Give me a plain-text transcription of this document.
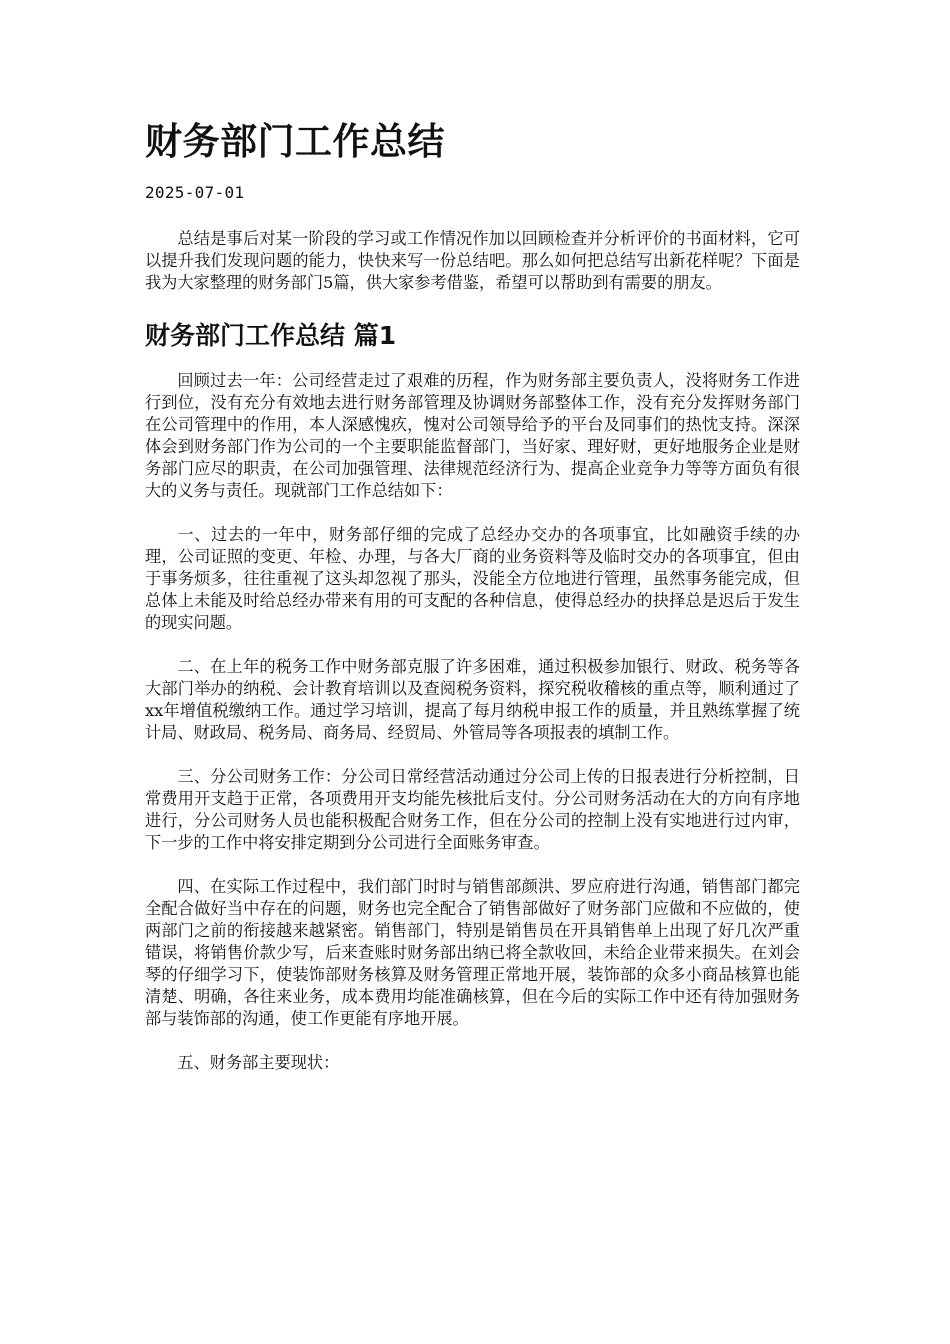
财务部门工作总结
2025-07-01

总结是事后对某一阶段的学习或工作情况作加以回顾检查并分析评价的书面材料，它可以提升我们发现问题的能力，快快来写一份总结吧。那么如何把总结写出新花样呢？下面是我为大家整理的财务部门5篇，供大家参考借鉴，希望可以帮助到有需要的朋友。

财务部门工作总结 篇1

回顾过去一年：公司经营走过了艰难的历程，作为财务部主要负责人，没将财务工作进行到位，没有充分有效地去进行财务部管理及协调财务部整体工作，没有充分发挥财务部门在公司管理中的作用，本人深感愧疚，愧对公司领导给予的平台及同事们的热忱支持。深深体会到财务部门作为公司的一个主要职能监督部门，当好家、理好财，更好地服务企业是财务部门应尽的职责，在公司加强管理、法律规范经济行为、提高企业竞争力等等方面负有很大的义务与责任。现就部门工作总结如下：

一、过去的一年中，财务部仔细的完成了总经办交办的各项事宜，比如融资手续的办理，公司证照的变更、年检、办理，与各大厂商的业务资料等及临时交办的各项事宜，但由于事务烦多，往往重视了这头却忽视了那头，没能全方位地进行管理，虽然事务能完成，但总体上未能及时给总经办带来有用的可支配的各种信息，使得总经办的抉择总是迟后于发生的现实问题。

二、在上年的税务工作中财务部克服了许多困难，通过积极参加银行、财政、税务等各大部门举办的纳税、会计教育培训以及查阅税务资料，探究税收稽核的重点等，顺利通过了xx年增值税缴纳工作。通过学习培训，提高了每月纳税申报工作的质量，并且熟练掌握了统计局、财政局、税务局、商务局、经贸局、外管局等各项报表的填制工作。

三、分公司财务工作：分公司日常经营活动通过分公司上传的日报表进行分析控制，日常费用开支趋于正常，各项费用开支均能先核批后支付。分公司财务活动在大的方向有序地进行，分公司财务人员也能积极配合财务工作，但在分公司的控制上没有实地进行过内审，下一步的工作中将安排定期到分公司进行全面账务审查。

四、在实际工作过程中，我们部门时时与销售部颜洪、罗应府进行沟通，销售部门都完全配合做好当中存在的问题，财务也完全配合了销售部做好了财务部门应做和不应做的，使两部门之前的衔接越来越紧密。销售部门，特别是销售员在开具销售单上出现了好几次严重错误，将销售价款少写，后来查账时财务部出纳已将全款收回，未给企业带来损失。在刘会琴的仔细学习下，使装饰部财务核算及财务管理正常地开展，装饰部的众多小商品核算也能清楚、明确，各往来业务，成本费用均能准确核算，但在今后的实际工作中还有待加强财务部与装饰部的沟通，使工作更能有序地开展。

五、财务部主要现状：
